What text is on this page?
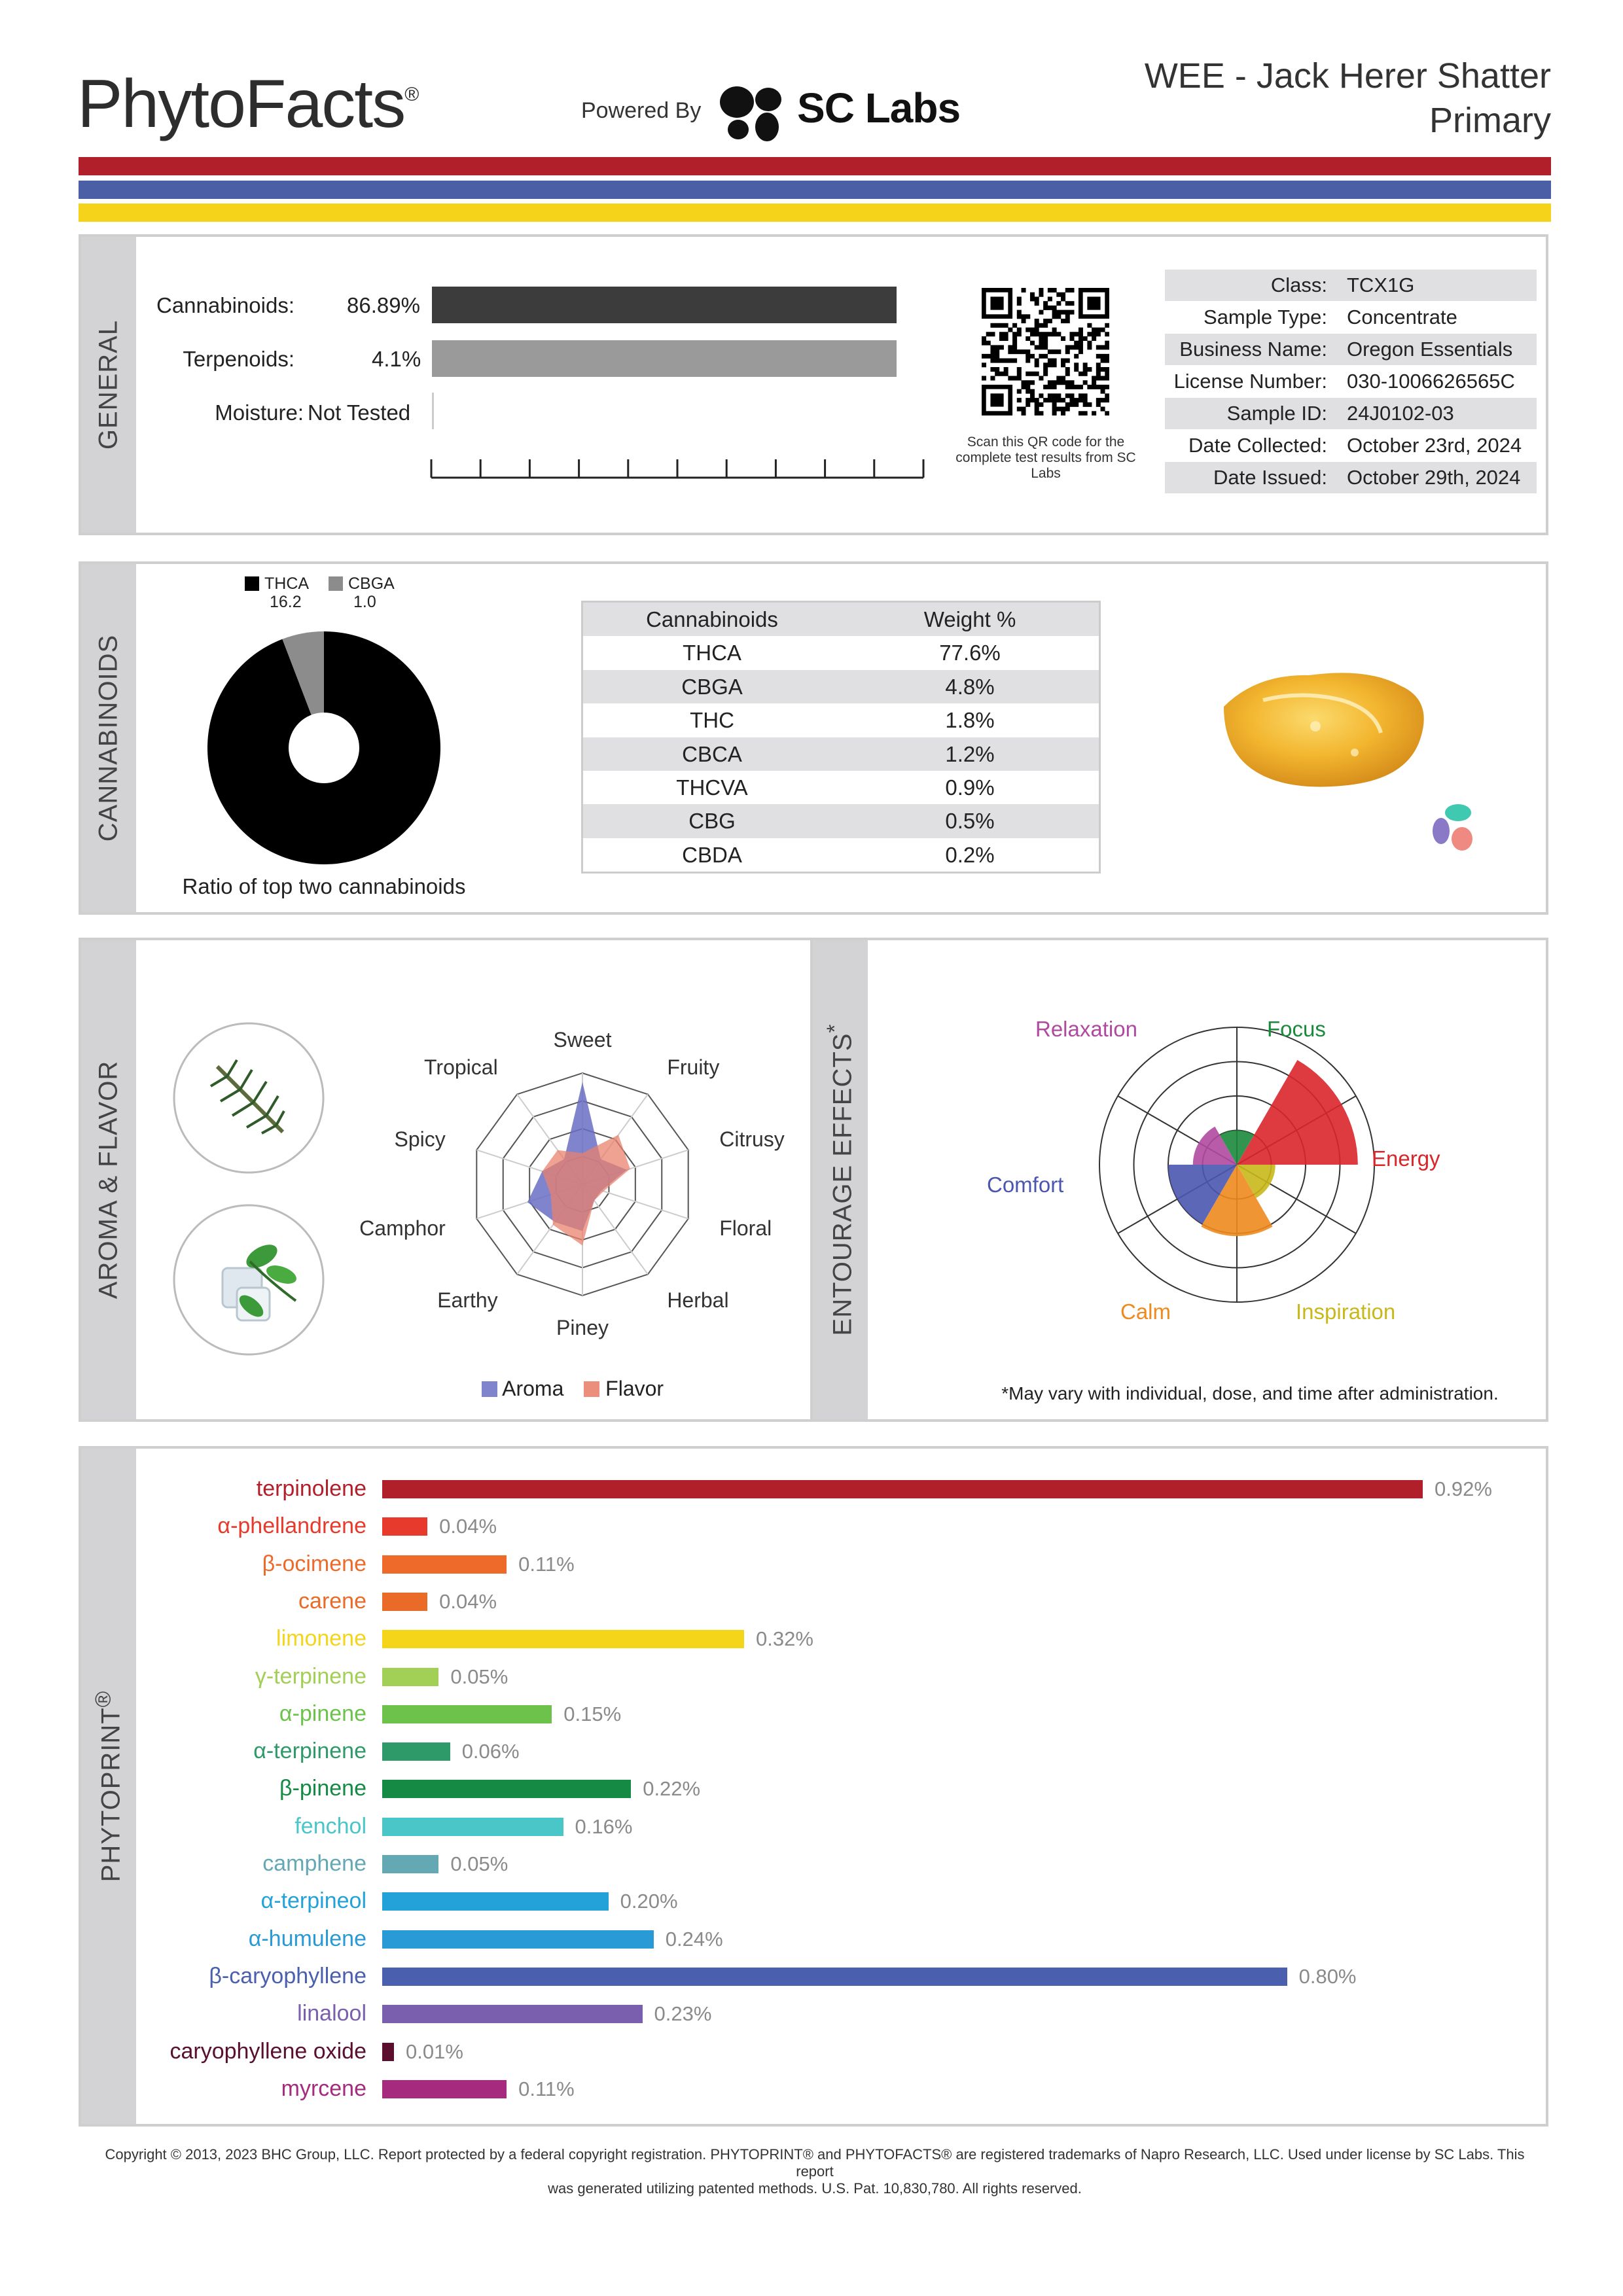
PhytoFacts®
Powered By SC Labs
WEE - Jack Herer Shatter
Primary
GENERAL
Cannabinoids: 86.89%
Terpenoids:	4.1%
Moisture: Not Tested
Scan this QR code for the complete test results from SC Labs
Class: TCX1G
Sample Type: Concentrate
Business Name: Oregon Essentials
License Number: 030-1006626565C
Sample ID: 24J0102-03
Date Collected: October 23rd, 2024
Date Issued: October 29th, 2024
CANNABINOIDS
THCA
16.2
CBGA
1.0
Ratio of top two cannabinoids
Cannabinoids	Weight %
THCA	77.6%
CBGA	4.8%
THC	1.8%
CBCA	1.2%
THCVA	0.9%
CBG	0.5%
CBDA	0.2%
AROMA & FLAVOR
Sweet
Fruity
Citrusy
Floral
Herbal
Piney
Earthy
Camphor
Spicy
Tropical
Aroma Flavor
ENTOURAGE EFFECTS*	Relaxation	Focus
Energy
Inspiration
Calm
Comfort
*May vary with individual, dose, and time after administration.
PHYTOPRINT®
terpinolene	0.92%
α-phellandrene	0.04%
β-ocimene	0.11%
carene	0.04%
limonene	0.32%
γ-terpinene	0.05%
α-pinene	0.15%
α-terpinene	0.06%
β-pinene	0.22%
fenchol	0.16%
camphene	0.05%
α-terpineol	0.20%
α-humulene	0.24%
β-caryophyllene	0.80%
linalool	0.23%
caryophyllene oxide 0.01%
myrcene	0.11%
Copyright © 2013, 2023 BHC Group, LLC. Report protected by a federal copyright registration. PHYTOPRINT® and PHYTOFACTS® are registered trademarks of Napro Research, LLC. Used under license by SC Labs. This report
was generated utilizing patented methods. U.S. Pat. 10,830,780. All rights reserved.
